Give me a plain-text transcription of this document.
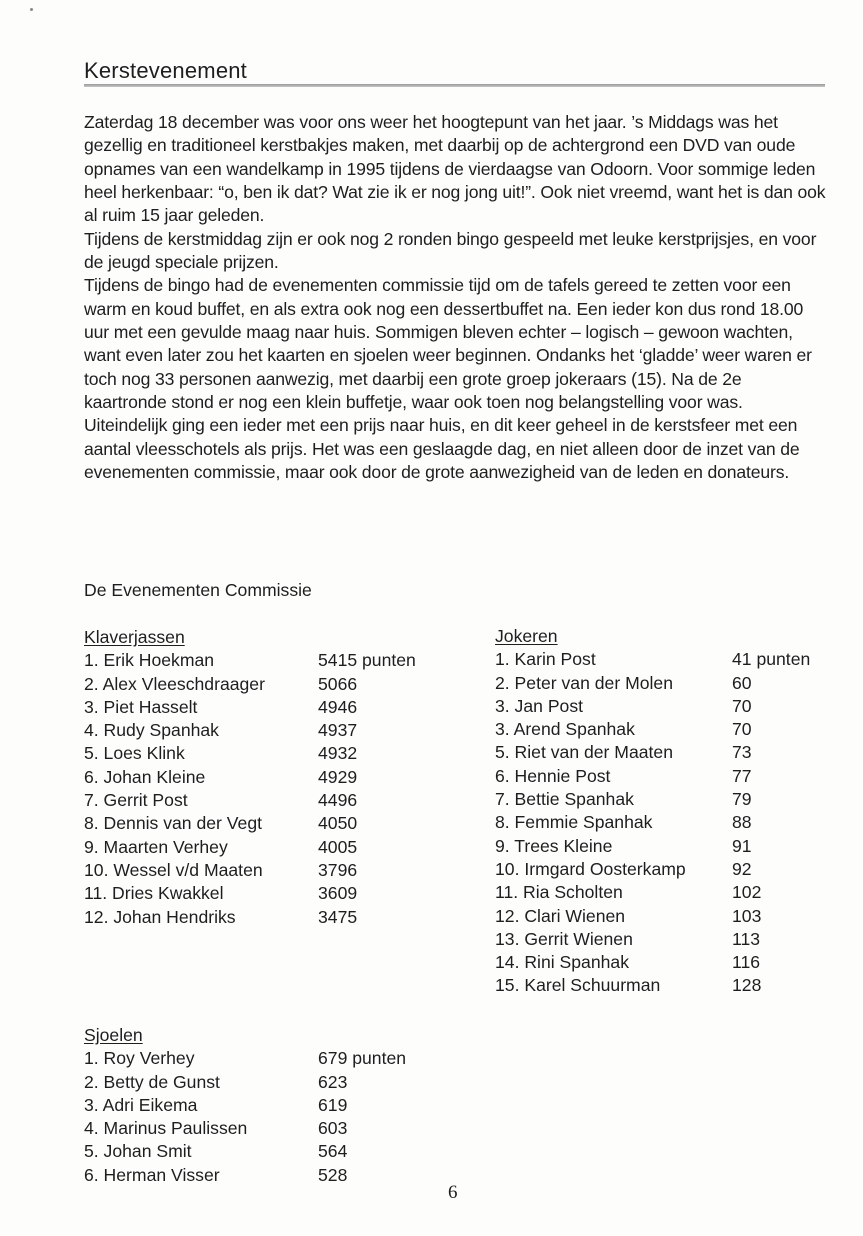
Kerstevenement

Zaterdag 18 december was voor ons weer het hoogtepunt van het jaar. ’s Middags was het gezellig en traditioneel kerstbakjes maken, met daarbij op de achtergrond een DVD van oude opnames van een wandelkamp in 1995 tijdens de vierdaagse van Odoorn. Voor sommige leden heel herkenbaar: “o, ben ik dat? Wat zie ik er nog jong uit!”. Ook niet vreemd, want het is dan ook al ruim 15 jaar geleden.

Tijdens de kerstmiddag zijn er ook nog 2 ronden bingo gespeeld met leuke kerstprijsjes, en voor de jeugd speciale prijzen.

Tijdens de bingo had de evenementen commissie tijd om de tafels gereed te zetten voor een warm en koud buffet, en als extra ook nog een dessertbuffet na. Een ieder kon dus rond 18.00 uur met een gevulde maag naar huis. Sommigen bleven echter – logisch – gewoon wachten, want even later zou het kaarten en sjoelen weer beginnen. Ondanks het ‘gladde’ weer waren er toch nog 33 personen aanwezig, met daarbij een grote groep jokeraars (15). Na de 2e kaartronde stond er nog een klein buffetje, waar ook toen nog belangstelling voor was.

Uiteindelijk ging een ieder met een prijs naar huis, en dit keer geheel in de kerstsfeer met een aantal vleesschotels als prijs. Het was een geslaagde dag, en niet alleen door de inzet van de evenementen commissie, maar ook door de grote aanwezigheid van de leden en donateurs.

De Evenementen Commissie
Klaverjassen
1. Erik Hoekman	5415 punten
2. Alex Vleeschdraager	5066
3. Piet Hasselt	4946
4. Rudy Spanhak	4937
5. Loes Klink	4932
6. Johan Kleine	4929
7. Gerrit Post	4496
8. Dennis van der Vegt	4050
9. Maarten Verhey	4005
10. Wessel v/d Maaten	3796
11. Dries Kwakkel	3609
12. Johan Hendriks	3475
Jokeren
1. Karin Post	41 punten
2. Peter van der Molen	60
3. Jan Post	70
3. Arend Spanhak	70
5. Riet van der Maaten	73
6. Hennie Post	77
7. Bettie Spanhak	79
8. Femmie Spanhak	88
9. Trees Kleine	91
10. Irmgard Oosterkamp	92
11. Ria Scholten	102
12. Clari Wienen	103
13. Gerrit Wienen	113
14. Rini Spanhak	116
15. Karel Schuurman	128
Sjoelen
1. Roy Verhey	679 punten
2. Betty de Gunst	623
3. Adri Eikema	619
4. Marinus Paulissen	603
5. Johan Smit	564
6. Herman Visser	528
6
